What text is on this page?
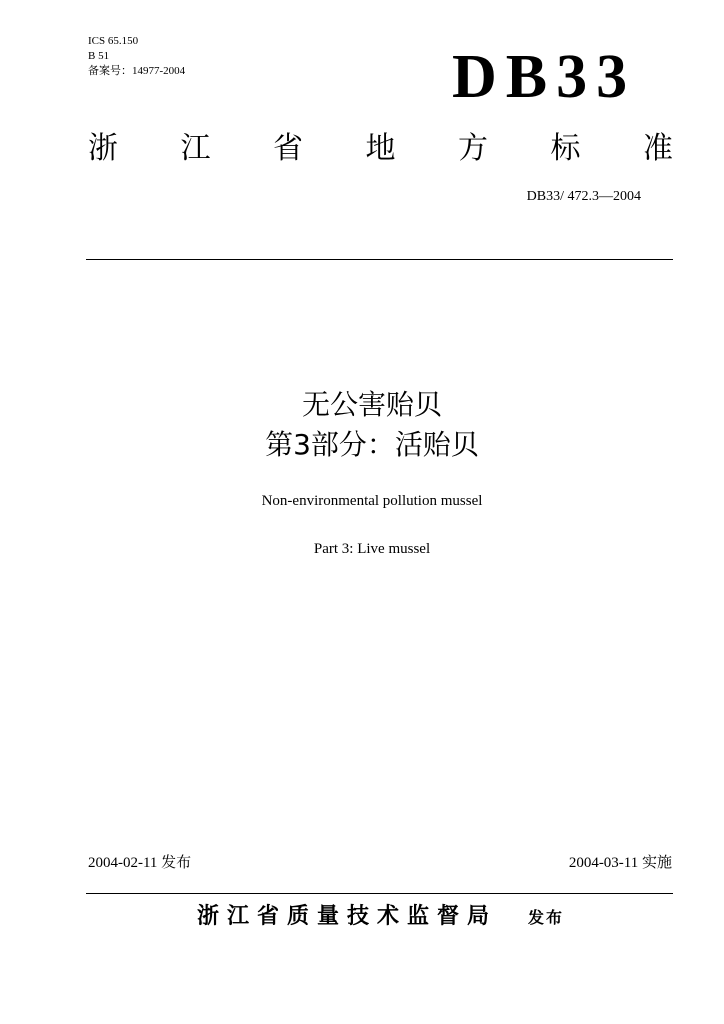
ICS 65.150
B 51
备案号：14977-2004	DB33
浙 江 省 地 方 标 准
DB33/ 472.3—2004
无公害贻贝
第3部分：活贻贝
Non-environmental pollution mussel
Part 3: Live mussel
2004-02-11 发布	2004-03-11 实施
浙江省质量技术监督局 发布
